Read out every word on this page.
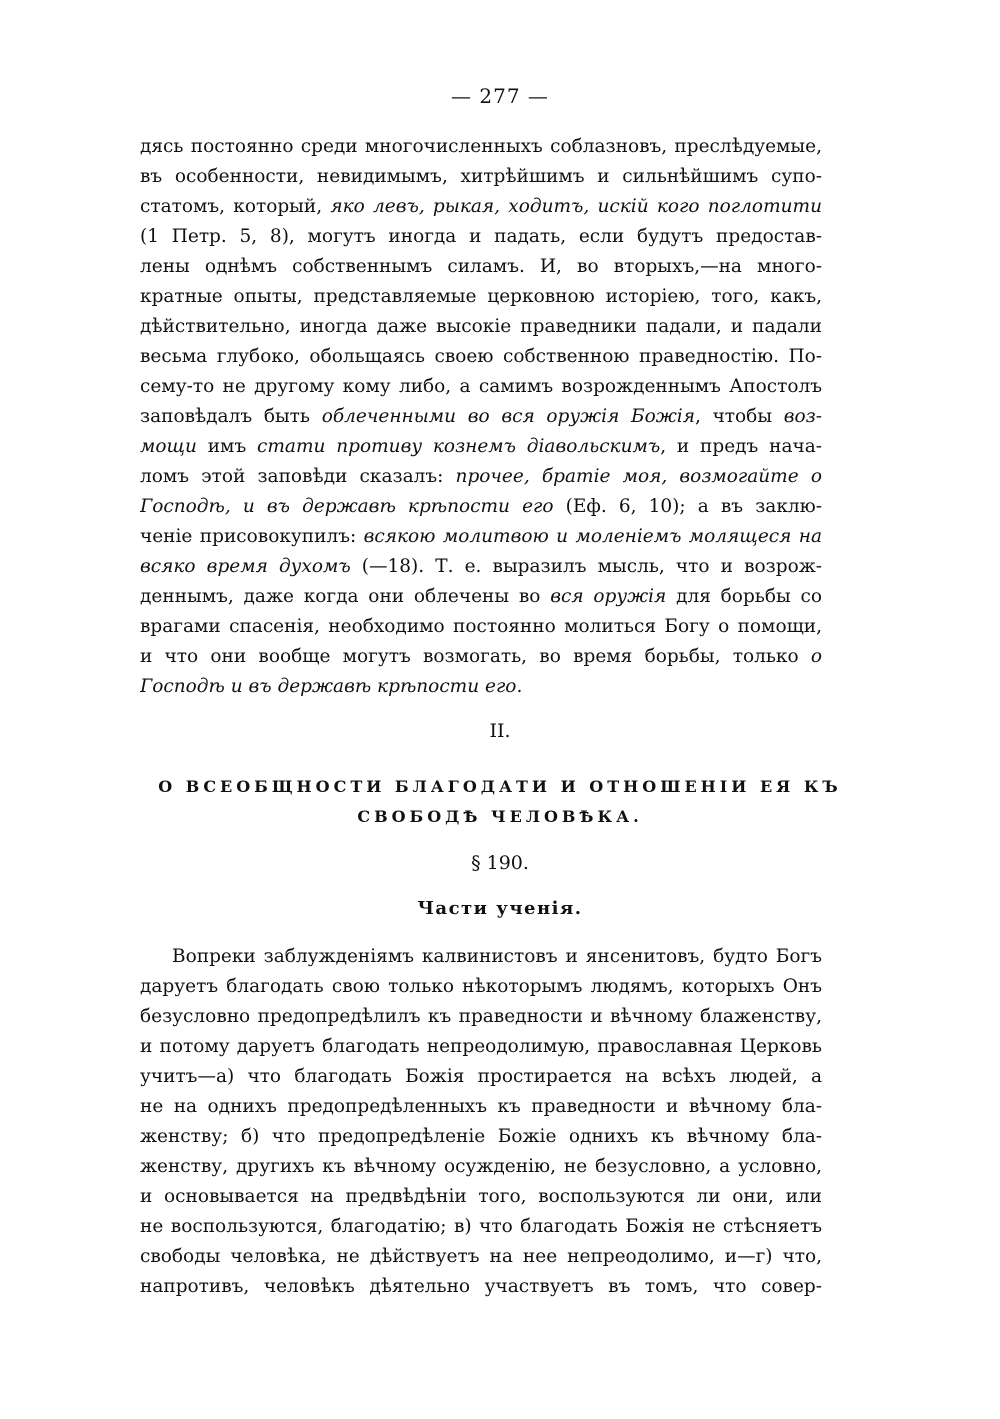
— 277 —
дясь постоянно среди многочисленныхъ соблазновъ, преслѣдуемые,
въ особенности, невидимымъ, хитрѣйшимъ и сильнѣйшимъ супо-
статомъ, который, яко левъ, рыкая, ходитъ, искій кого поглотити
(1 Петр. 5, 8), могутъ иногда и падать, если будутъ предостав-
лены однѣмъ собственнымъ силамъ. И, во вторыхъ,—на много-
кратные опыты, представляемые церковною исторіею, того, какъ,
дѣйствительно, иногда даже высокіе праведники падали, и падали
весьма глубоко, обольщаясь своею собственною праведностію. По-
сему-то не другому кому либо, а самимъ возрожденнымъ Апостолъ
заповѣдалъ быть облеченными во вся оружія Божія, чтобы воз-
мощи имъ стати противу кознемъ діавольскимъ, и предъ нача-
ломъ этой заповѣди сказалъ: прочее, братіе моя, возмогайте о
Господѣ, и въ державѣ крѣпости его (Еф. 6, 10); а въ заклю-
ченіе присовокупилъ: всякою молитвою и моленіемъ молящеся на
всяко время духомъ (—18). Т. е. выразилъ мысль, что и возрож-
деннымъ, даже когда они облечены во вся оружія для борьбы со
врагами спасенія, необходимо постоянно молиться Богу о помощи,
и что они вообще могутъ возмогать, во время борьбы, только о
Господѣ и въ державѣ крѣпости его.
II.
О ВСЕОБЩНОСТИ БЛАГОДАТИ И ОТНОШЕНІИ ЕЯ КЪ
СВОБОДѢ ЧЕЛОВѢКА.
§ 190.
Части ученія.
Вопреки заблужденіямъ калвинистовъ и янсенитовъ, будто Богъ
даруетъ благодать свою только нѣкоторымъ людямъ, которыхъ Онъ
безусловно предопредѣлилъ къ праведности и вѣчному блаженству,
и потому даруетъ благодать непреодолимую, православная Церковь
учитъ—а) что благодать Божія простирается на всѣхъ людей, а
не на однихъ предопредѣленныхъ къ праведности и вѣчному бла-
женству; б) что предопредѣленіе Божіе однихъ къ вѣчному бла-
женству, другихъ къ вѣчному осужденію, не безусловно, а условно,
и основывается на предвѣдѣніи того, воспользуются ли они, или
не воспользуются, благодатію; в) что благодать Божія не стѣсняетъ
свободы человѣка, не дѣйствуетъ на нее непреодолимо, и—г) что,
напротивъ, человѣкъ дѣятельно участвуетъ въ томъ, что совер-
